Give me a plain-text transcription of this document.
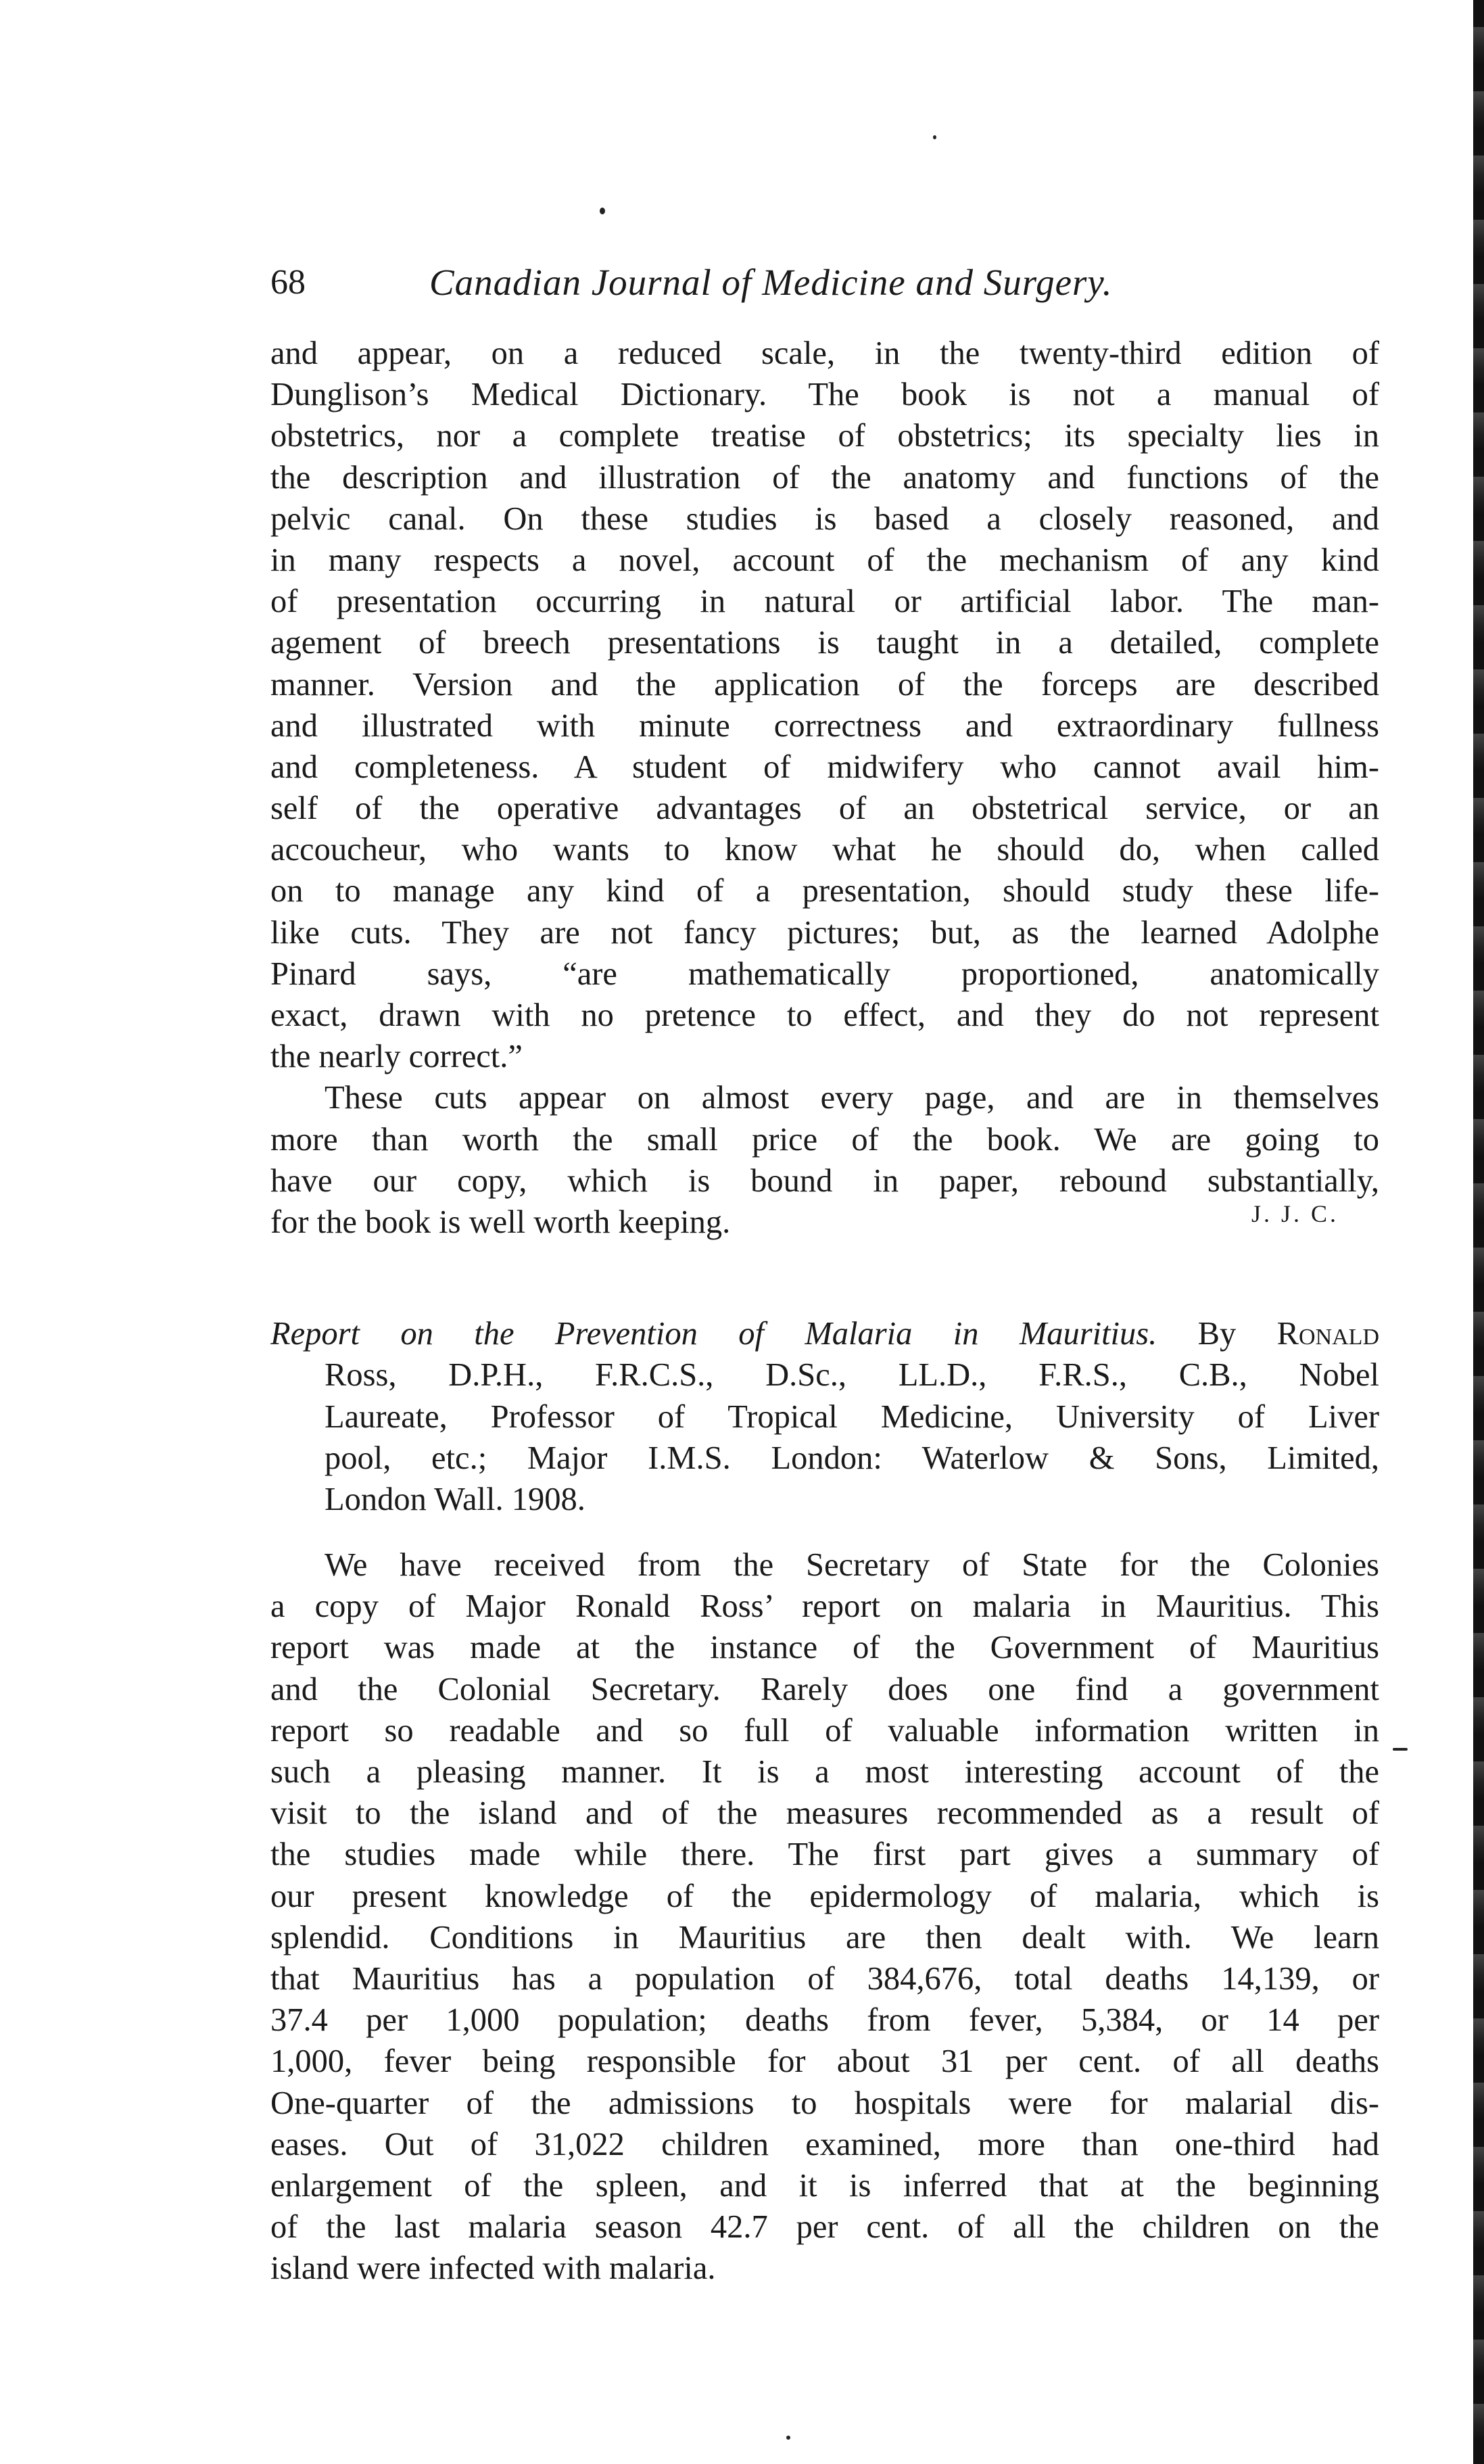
68	Canadian Journal of Medicine and Surgery.
and appear, on a reduced scale, in the twenty-third edition of
Dunglison’s Medical Dictionary. The book is not a manual of
obstetrics, nor a complete treatise of obstetrics; its specialty lies in
the description and illustration of the anatomy and functions of the
pelvic canal. On these studies is based a closely reasoned, and
in many respects a novel, account of the mechanism of any kind
of presentation occurring in natural or artificial labor. The man-
agement of breech presentations is taught in a detailed, complete
manner. Version and the application of the forceps are described
and illustrated with minute correctness and extraordinary fullness
and completeness. A student of midwifery who cannot avail him-
self of the operative advantages of an obstetrical service, or an
accoucheur, who wants to know what he should do, when called
on to manage any kind of a presentation, should study these life-
like cuts. They are not fancy pictures; but, as the learned Adolphe
Pinard says, “are mathematically proportioned, anatomically
exact, drawn with no pretence to effect, and they do not represent
the nearly correct.”
These cuts appear on almost every page, and are in themselves
more than worth the small price of the book. We are going to
have our copy, which is bound in paper, rebound substantially,
for the book is well worth keeping.	J. J. C.
Report on the Prevention of Malaria in Mauritius. By Ronald
Ross, D.P.H., F.R.C.S., D.Sc., LL.D., F.R.S., C.B., Nobel
Laureate, Professor of Tropical Medicine, University of Liver
pool, etc.; Major I.M.S. London: Waterlow & Sons, Limited,
London Wall. 1908.
We have received from the Secretary of State for the Colonies
a copy of Major Ronald Ross’ report on malaria in Mauritius. This
report was made at the instance of the Government of Mauritius
and the Colonial Secretary. Rarely does one find a government
report so readable and so full of valuable information written in
such a pleasing manner. It is a most interesting account of the
visit to the island and of the measures recommended as a result of
the studies made while there. The first part gives a summary of
our present knowledge of the epidermology of malaria, which is
splendid. Conditions in Mauritius are then dealt with. We learn
that Mauritius has a population of 384,676, total deaths 14,139, or
37.4 per 1,000 population; deaths from fever, 5,384, or 14 per
1,000, fever being responsible for about 31 per cent. of all deaths
One-quarter of the admissions to hospitals were for malarial dis-
eases. Out of 31,022 children examined, more than one-third had
enlargement of the spleen, and it is inferred that at the beginning
of the last malaria season 42.7 per cent. of all the children on the
island were infected with malaria.
